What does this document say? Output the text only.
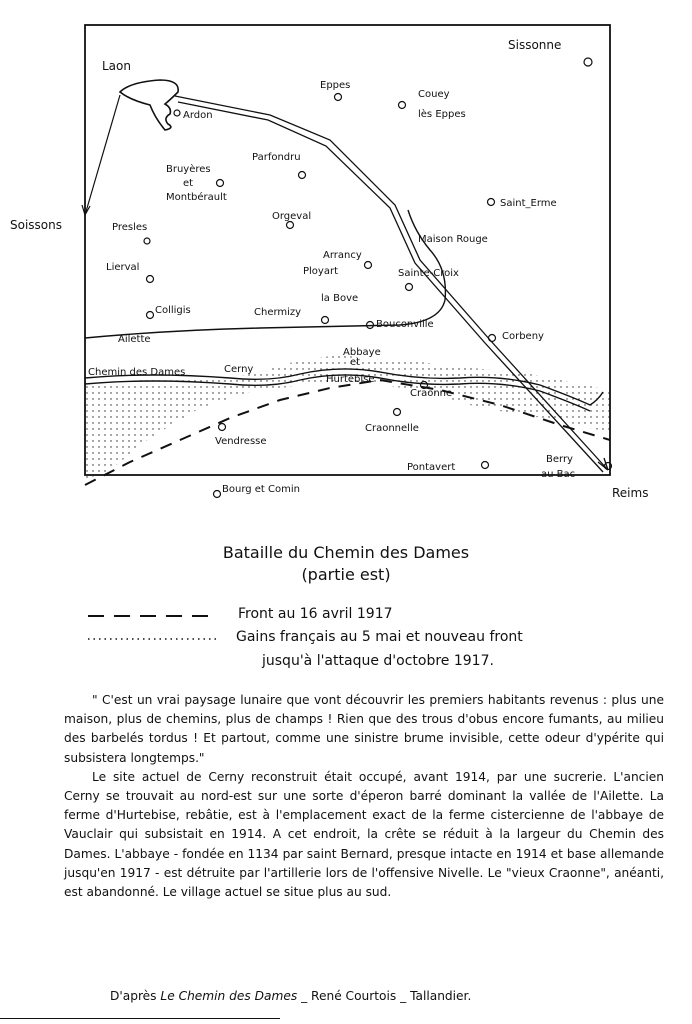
Laon
Sissonne
Eppes
Couey
lès Eppes
Ardon
Parfondru
Bruyères
et
Montbérault
Saint_Erme
Soissons	Presles
Orgeval
Maison Rouge
Arrancy
Ployart	Sainte-Croix
Lierval
la Bove
Colligis	Chermizy
Bouconville
Corbeny
Ailette
Abbaye
et
Hurtebise
Chemin des Dames	Cerny
Craonne
Vendresse
Craonnelle
Pontavert
Berry
au Bac
Reims
Bourg et Comin
Bataille du Chemin des Dames
(partie est)
Front au 16 avril 1917
Gains français au 5 mai et nouveau front
jusqu'à l'attaque d'octobre 1917.

" C'est un vrai paysage lunaire que vont découvrir les premiers habitants revenus : plus une maison, plus de chemins, plus de champs ! Rien que des trous d'obus encore fumants, au milieu des barbelés tordus ! Et partout, comme une sinistre brume invisible, cette odeur d'ypérite qui subsistera longtemps."

Le site actuel de Cerny reconstruit était occupé, avant 1914, par une sucrerie. L'ancien Cerny se trouvait au nord-est sur une sorte d'éperon barré dominant la vallée de l'Ailette. La ferme d'Hurtebise, rebâtie, est à l'emplacement exact de la ferme cistercienne de l'abbaye de Vauclair qui subsistait en 1914. A cet endroit, la crête se réduit à la largeur du Chemin des Dames. L'abbaye - fondée en 1134 par saint Bernard, presque intacte en 1914 et base allemande jusqu'en 1917 - est détruite par l'artillerie lors de l'offensive Nivelle. Le "vieux Craonne", anéanti, est abandonné. Le village actuel se situe plus au sud.

D'après Le Chemin des Dames _ René Courtois _ Tallandier.
